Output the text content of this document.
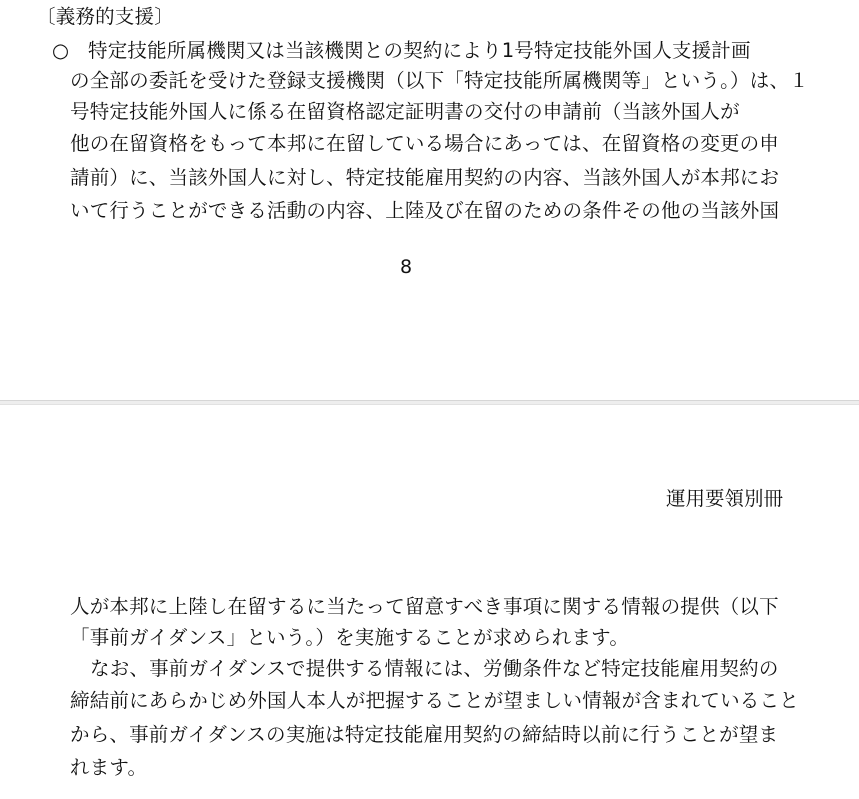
〔義務的支援〕
○ 特定技能所属機関又は当該機関との契約により1号特定技能外国人支援計画
の全部の委託を受けた登録支援機関（以下「特定技能所属機関等」という。）は、１
号特定技能外国人に係る在留資格認定証明書の交付の申請前（当該外国人が
他の在留資格をもって本邦に在留している場合にあっては、在留資格の変更の申
請前）に、当該外国人に対し、特定技能雇用契約の内容、当該外国人が本邦にお
いて行うことができる活動の内容、上陸及び在留のための条件その他の当該外国
8
運用要領別冊
人が本邦に上陸し在留するに当たって留意すべき事項に関する情報の提供（以下
「事前ガイダンス」という。）を実施することが求められます。
なお、事前ガイダンスで提供する情報には、労働条件など特定技能雇用契約の
締結前にあらかじめ外国人本人が把握することが望ましい情報が含まれていること
から、事前ガイダンスの実施は特定技能雇用契約の締結時以前に行うことが望ま
れます。
